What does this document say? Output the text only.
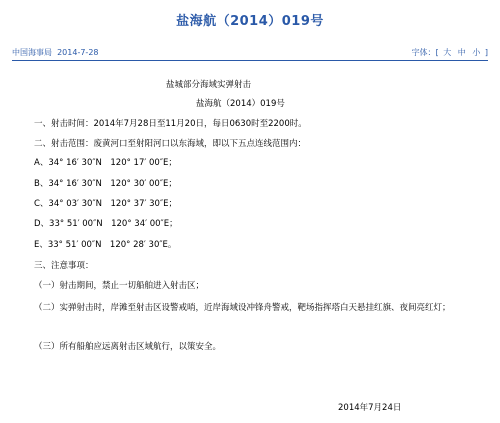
盐海航（2014）019号
中国海事局 2014-7-28	字体：[ 大 中 小 ]
盐城部分海域实弹射击
盐海航（2014）019号
一、射击时间：2014年7月28日至11月20日，每日0630时至2200时。
二、射击范围：废黄河口至射阳河口以东海域，即以下五点连线范围内：
A、34° 16′ 30″N　120° 17′ 00″E；
B、34° 16′ 30″N　120° 30′ 00″E；
C、34° 03′ 30″N　120° 37′ 30″E；
D、33° 51′ 00″N　120° 34′ 00″E；
E、33° 51′ 00″N　120° 28′ 30″E。
三、注意事项：
（一）射击期间，禁止一切船舶进入射击区；
（二）实弹射击时，岸滩至射击区设警戒哨，近岸海域设冲锋舟警戒，靶场指挥塔白天悬挂红旗、夜间亮红灯；
（三）所有船舶应远离射击区域航行，以策安全。
2014年7月24日
